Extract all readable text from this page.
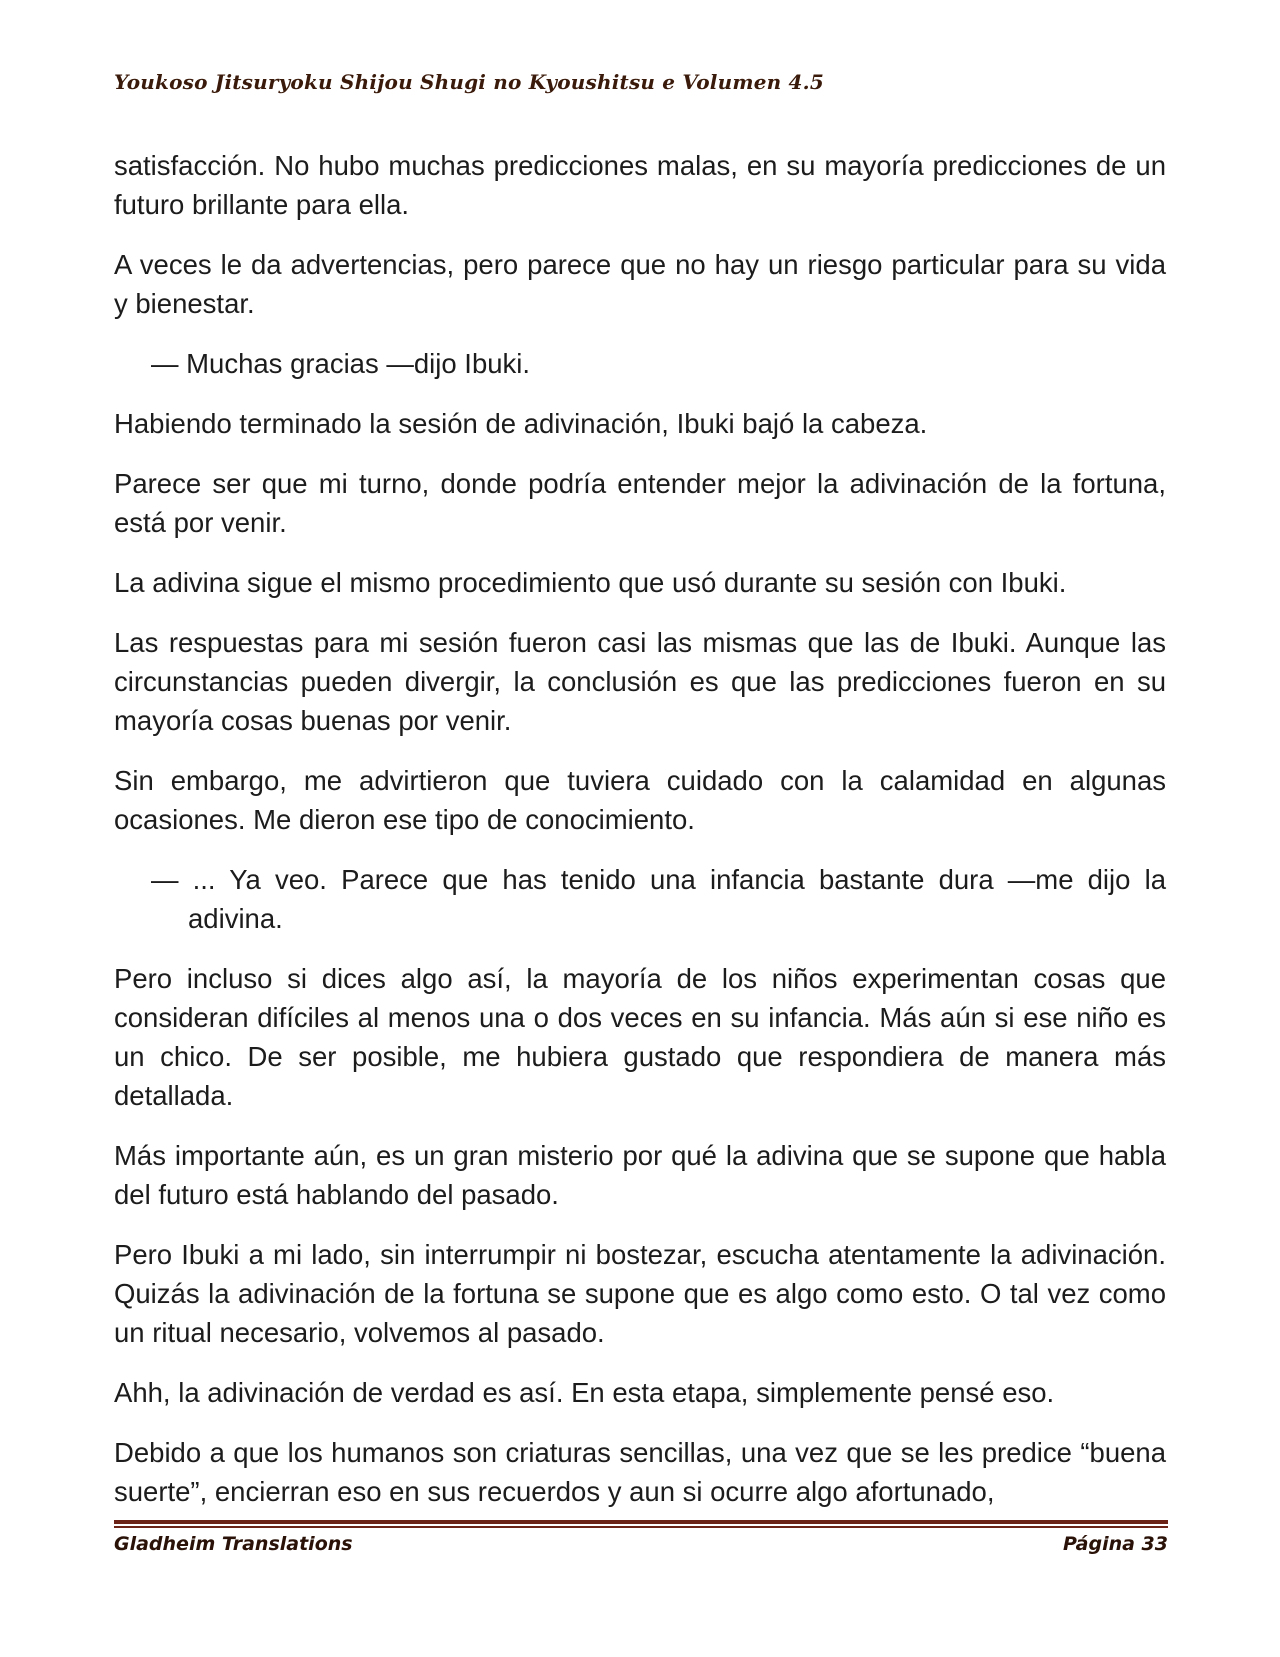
Youkoso Jitsuryoku Shijou Shugi no Kyoushitsu e Volumen 4.5

satisfacción. No hubo muchas predicciones malas, en su mayoría predicciones de un futuro brillante para ella.

A veces le da advertencias, pero parece que no hay un riesgo particular para su vida y bienestar.

— Muchas gracias —dijo Ibuki.

Habiendo terminado la sesión de adivinación, Ibuki bajó la cabeza.

Parece ser que mi turno, donde podría entender mejor la adivinación de la fortuna, está por venir.

La adivina sigue el mismo procedimiento que usó durante su sesión con Ibuki.

Las respuestas para mi sesión fueron casi las mismas que las de Ibuki. Aunque las circunstancias pueden divergir, la conclusión es que las predicciones fueron en su mayoría cosas buenas por venir.

Sin embargo, me advirtieron que tuviera cuidado con la calamidad en algunas ocasiones. Me dieron ese tipo de conocimiento.

— ... Ya veo. Parece que has tenido una infancia bastante dura —me dijo la adivina.

Pero incluso si dices algo así, la mayoría de los niños experimentan cosas que consideran difíciles al menos una o dos veces en su infancia. Más aún si ese niño es un chico. De ser posible, me hubiera gustado que respondiera de manera más detallada.

Más importante aún, es un gran misterio por qué la adivina que se supone que habla del futuro está hablando del pasado.

Pero Ibuki a mi lado, sin interrumpir ni bostezar, escucha atentamente la adivinación. Quizás la adivinación de la fortuna se supone que es algo como esto. O tal vez como un ritual necesario, volvemos al pasado.

Ahh, la adivinación de verdad es así. En esta etapa, simplemente pensé eso.

Debido a que los humanos son criaturas sencillas, una vez que se les predice “buena suerte”, encierran eso en sus recuerdos y aun si ocurre algo afortunado,

Gladheim Translations	Página 33
